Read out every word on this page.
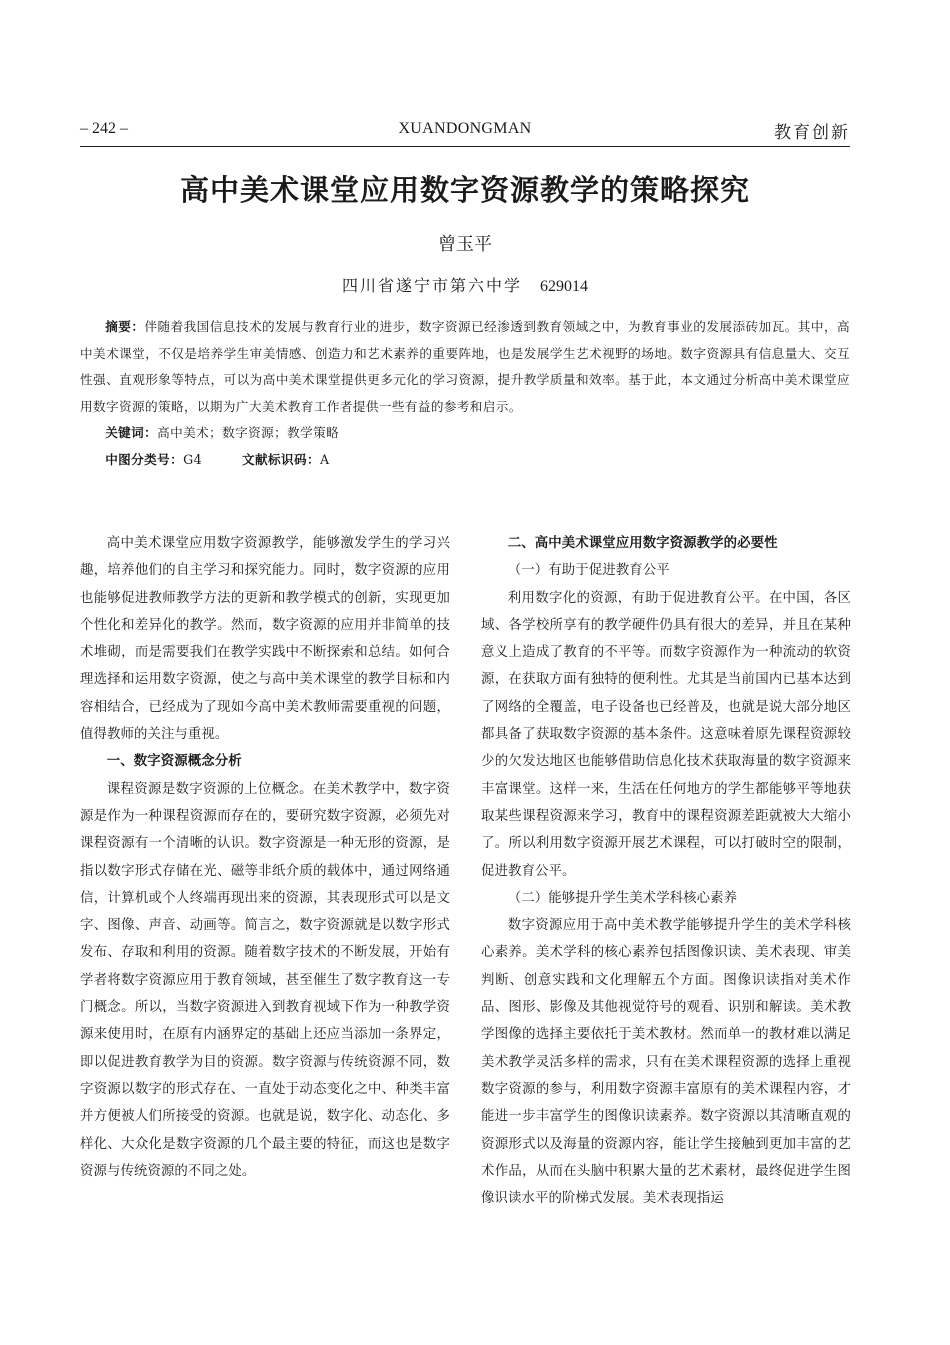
– 242 –	XUANDONGMAN	教育创新
高中美术课堂应用数字资源教学的策略探究
曾玉平
四川省遂宁市第六中学 629014

摘要：伴随着我国信息技术的发展与教育行业的进步，数字资源已经渗透到教育领域之中，为教育事业的发展添砖加瓦。其中，高中美术课堂，不仅是培养学生审美情感、创造力和艺术素养的重要阵地，也是发展学生艺术视野的场地。数字资源具有信息量大、交互性强、直观形象等特点，可以为高中美术课堂提供更多元化的学习资源，提升教学质量和效率。基于此，本文通过分析高中美术课堂应用数字资源的策略，以期为广大美术教育工作者提供一些有益的参考和启示。

关键词：高中美术；数字资源；教学策略

中图分类号：G4	文献标识码：A

高中美术课堂应用数字资源教学，能够激发学生的学习兴趣，培养他们的自主学习和探究能力。同时，数字资源的应用也能够促进教师教学方法的更新和教学模式的创新，实现更加个性化和差异化的教学。然而，数字资源的应用并非简单的技术堆砌，而是需要我们在教学实践中不断探索和总结。如何合理选择和运用数字资源，使之与高中美术课堂的教学目标和内容相结合，已经成为了现如今高中美术教师需要重视的问题，值得教师的关注与重视。

一、数字资源概念分析

课程资源是数字资源的上位概念。在美术教学中，数字资源是作为一种课程资源而存在的，要研究数字资源，必须先对课程资源有一个清晰的认识。数字资源是一种无形的资源，是指以数字形式存储在光、磁等非纸介质的载体中，通过网络通信，计算机或个人终端再现出来的资源，其表现形式可以是文字、图像、声音、动画等。简言之，数字资源就是以数字形式发布、存取和利用的资源。随着数字技术的不断发展，开始有学者将数字资源应用于教育领域，甚至催生了数字教育这一专门概念。所以，当数字资源进入到教育视域下作为一种教学资源来使用时，在原有内涵界定的基础上还应当添加一条界定，即以促进教育教学为目的资源。数字资源与传统资源不同，数字资源以数字的形式存在、一直处于动态变化之中、种类丰富并方便被人们所接受的资源。也就是说，数字化、动态化、多样化、大众化是数字资源的几个最主要的特征，而这也是数字资源与传统资源的不同之处。

二、高中美术课堂应用数字资源教学的必要性
（一）有助于促进教育公平

利用数字化的资源，有助于促进教育公平。在中国，各区域、各学校所享有的教学硬件仍具有很大的差异，并且在某种意义上造成了教育的不平等。而数字资源作为一种流动的软资源，在获取方面有独特的便利性。尤其是当前国内已基本达到了网络的全覆盖，电子设备也已经普及，也就是说大部分地区都具备了获取数字资源的基本条件。这意味着原先课程资源较少的欠发达地区也能够借助信息化技术获取海量的数字资源来丰富课堂。这样一来，生活在任何地方的学生都能够平等地获取某些课程资源来学习，教育中的课程资源差距就被大大缩小了。所以利用数字资源开展艺术课程，可以打破时空的限制，促进教育公平。

（二）能够提升学生美术学科核心素养

数字资源应用于高中美术教学能够提升学生的美术学科核心素养。美术学科的核心素养包括图像识读、美术表现、审美判断、创意实践和文化理解五个方面。图像识读指对美术作品、图形、影像及其他视觉符号的观看、识别和解读。美术教学图像的选择主要依托于美术教材。然而单一的教材难以满足美术教学灵活多样的需求，只有在美术课程资源的选择上重视数字资源的参与，利用数字资源丰富原有的美术课程内容，才能进一步丰富学生的图像识读素养。数字资源以其清晰直观的资源形式以及海量的资源内容，能让学生接触到更加丰富的艺术作品，从而在头脑中积累大量的艺术素材，最终促进学生图像识读水平的阶梯式发展。美术表现指运
